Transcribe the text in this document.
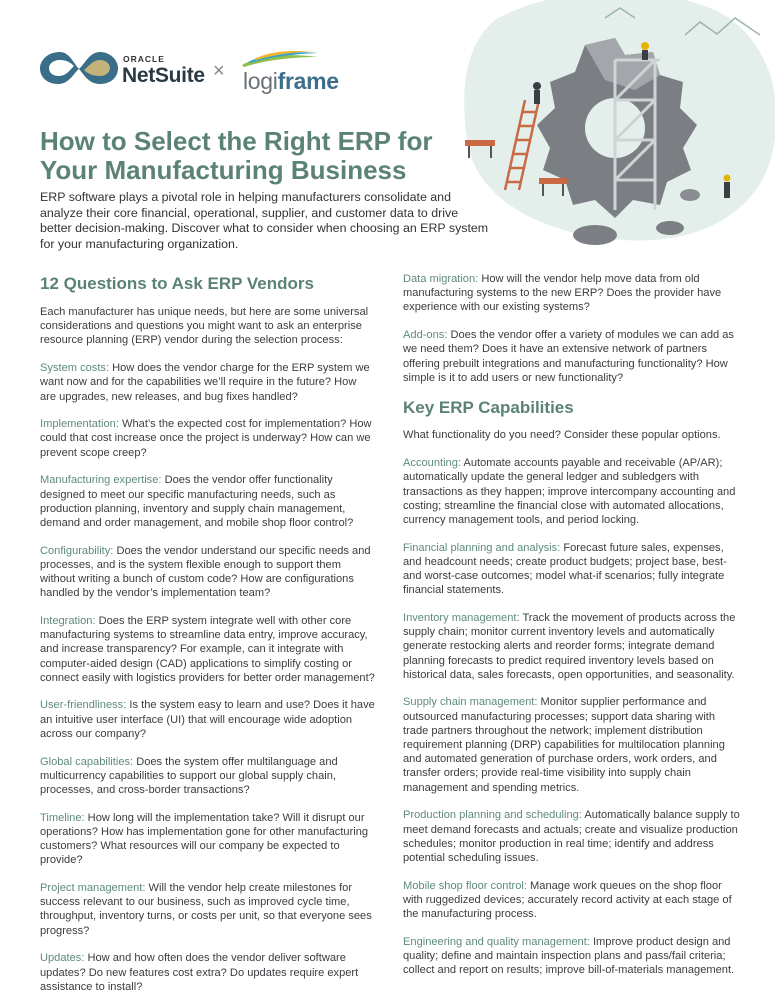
ORACLE
NetSuite × logiframe
How to Select the Right ERP for Your Manufacturing Business

ERP software plays a pivotal role in helping manufacturers consolidate and analyze their core financial, operational, supplier, and customer data to drive better decision-making. Discover what to consider when choosing an ERP system for your manufacturing organization.

12 Questions to Ask ERP Vendors

Each manufacturer has unique needs, but here are some universal considerations and questions you might want to ask an enterprise resource planning (ERP) vendor during the selection process:

System costs: How does the vendor charge for the ERP system we want now and for the capabilities we’ll require in the future? How are upgrades, new releases, and bug fixes handled?

Implementation: What’s the expected cost for implementation? How could that cost increase once the project is underway? How can we prevent scope creep?

Manufacturing expertise: Does the vendor offer functionality designed to meet our specific manufacturing needs, such as production planning, inventory and supply chain management, demand and order management, and mobile shop floor control?

Configurability: Does the vendor understand our specific needs and processes, and is the system flexible enough to support them without writing a bunch of custom code? How are configurations handled by the vendor’s implementation team?

Integration: Does the ERP system integrate well with other core manufacturing systems to streamline data entry, improve accuracy, and increase transparency? For example, can it integrate with computer-aided design (CAD) applications to simplify costing or connect easily with logistics providers for better order management?

User-friendliness: Is the system easy to learn and use? Does it have an intuitive user interface (UI) that will encourage wide adoption across our company?

Global capabilities: Does the system offer multilanguage and multicurrency capabilities to support our global supply chain, processes, and cross-border transactions?

Timeline: How long will the implementation take? Will it disrupt our operations? How has implementation gone for other manufacturing customers? What resources will our company be expected to provide?

Project management: Will the vendor help create milestones for success relevant to our business, such as improved cycle time, throughput, inventory turns, or costs per unit, so that everyone sees progress?

Updates: How and how often does the vendor deliver software updates? Do new features cost extra? Do updates require expert assistance to install?

Data migration: How will the vendor help move data from old manufacturing systems to the new ERP? Does the provider have experience with our existing systems?

Add-ons: Does the vendor offer a variety of modules we can add as we need them? Does it have an extensive network of partners offering prebuilt integrations and manufacturing functionality? How simple is it to add users or new functionality?

Key ERP Capabilities

What functionality do you need? Consider these popular options.

Accounting: Automate accounts payable and receivable (AP/AR); automatically update the general ledger and subledgers with transactions as they happen; improve intercompany accounting and costing; streamline the financial close with automated allocations, currency management tools, and period locking.

Financial planning and analysis: Forecast future sales, expenses, and headcount needs; create product budgets; project base, best- and worst-case outcomes; model what-if scenarios; fully integrate financial statements.

Inventory management: Track the movement of products across the supply chain; monitor current inventory levels and automatically generate restocking alerts and reorder forms; integrate demand planning forecasts to predict required inventory levels based on historical data, sales forecasts, open opportunities, and seasonality.

Supply chain management: Monitor supplier performance and outsourced manufacturing processes; support data sharing with trade partners throughout the network; implement distribution requirement planning (DRP) capabilities for multilocation planning and automated generation of purchase orders, work orders, and transfer orders; provide real-time visibility into supply chain management and spending metrics.

Production planning and scheduling: Automatically balance supply to meet demand forecasts and actuals; create and visualize production schedules; monitor production in real time; identify and address potential scheduling issues.

Mobile shop floor control: Manage work queues on the shop floor with ruggedized devices; accurately record activity at each stage of the manufacturing process.

Engineering and quality management: Improve product design and quality; define and maintain inspection plans and pass/fail criteria; collect and report on results; improve bill-of-materials management.
